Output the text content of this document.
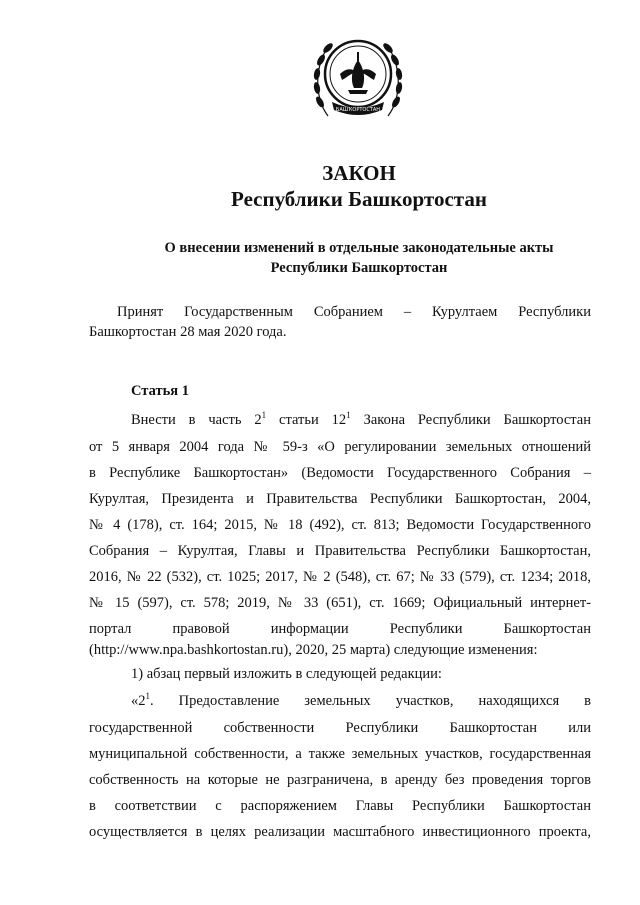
БАШҠОРТОСТАН
ЗАКОН
Республики Башкортостан
О внесении изменений в отдельные законодательные акты
Республики Башкортостан
Принят Государственным Собранием – Курултаем Республики
Башкортостан 28 мая 2020 года.
Статья 1
Внести в часть $2^1$ статьи $12^1$ Закона Республики Башкортостан
от 5 января 2004 года № 59-з «О регулировании земельных отношений
в Республике Башкортостан» (Ведомости Государственного Собрания –
Курултая, Президента и Правительства Республики Башкортостан, 2004,
№ 4 (178), ст. 164; 2015, № 18 (492), ст. 813; Ведомости Государственного
Собрания – Курултая, Главы и Правительства Республики Башкортостан,
2016, № 22 (532), ст. 1025; 2017, № 2 (548), ст. 67; № 33 (579), ст. 1234; 2018,
№ 15 (597), ст. 578; 2019, № 33 (651), ст. 1669; Официальный интернет-
портал правовой информации Республики Башкортостан
(http://www.npa.bashkortostan.ru), 2020, 25 марта) следующие изменения:
1) абзац первый изложить в следующей редакции:
«$2^1$. Предоставление земельных участков, находящихся в
государственной собственности Республики Башкортостан или
муниципальной собственности, а также земельных участков, государственная
собственность на которые не разграничена, в аренду без проведения торгов
в соответствии с распоряжением Главы Республики Башкортостан
осуществляется в целях реализации масштабного инвестиционного проекта,
